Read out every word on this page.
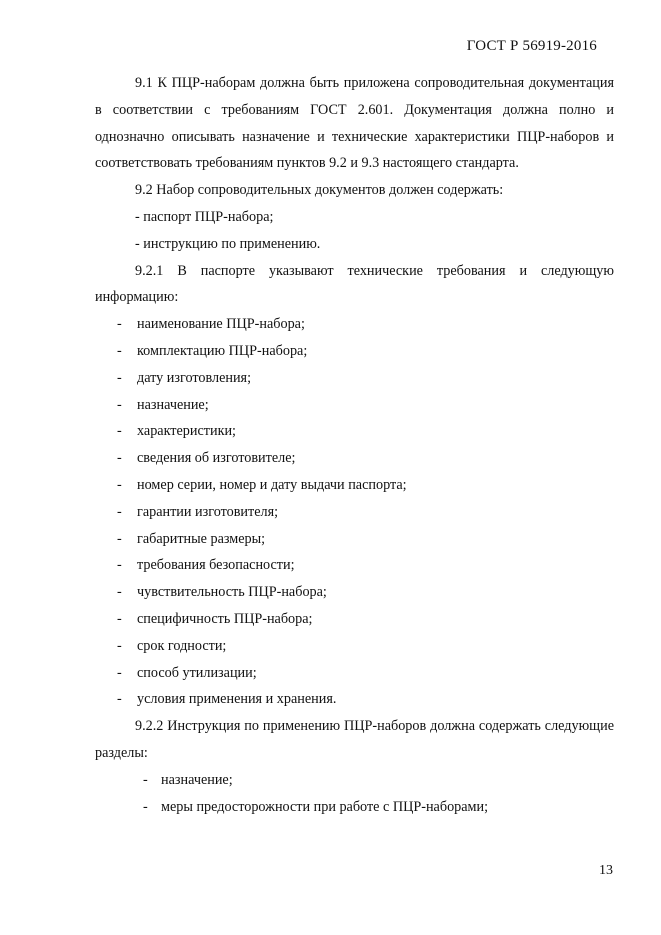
ГОСТ Р 56919-2016

9.1 К ПЦР-наборам должна быть приложена сопроводительная документация в соответствии с требованиям ГОСТ 2.601. Документация должна полно и однозначно описывать назначение и технические характеристики ПЦР-наборов и соответствовать требованиям пунктов 9.2 и 9.3 настоящего стандарта.

9.2 Набор сопроводительных документов должен содержать:

- паспорт ПЦР-набора;

- инструкцию по применению.

9.2.1 В паспорте указывают технические требования и следующую информацию:

- наименование ПЦР-набора;
- комплектацию ПЦР-набора;
- дату изготовления;
- назначение;
- характеристики;
- сведения об изготовителе;
- номер серии, номер и дату выдачи паспорта;
- гарантии изготовителя;
- габаритные размеры;
- требования безопасности;
- чувствительность ПЦР-набора;
- специфичность ПЦР-набора;
- срок годности;
- способ утилизации;
- условия применения и хранения.

9.2.2 Инструкция по применению ПЦР-наборов должна содержать следующие разделы:

- назначение;
- меры предосторожности при работе с ПЦР-наборами;
13
